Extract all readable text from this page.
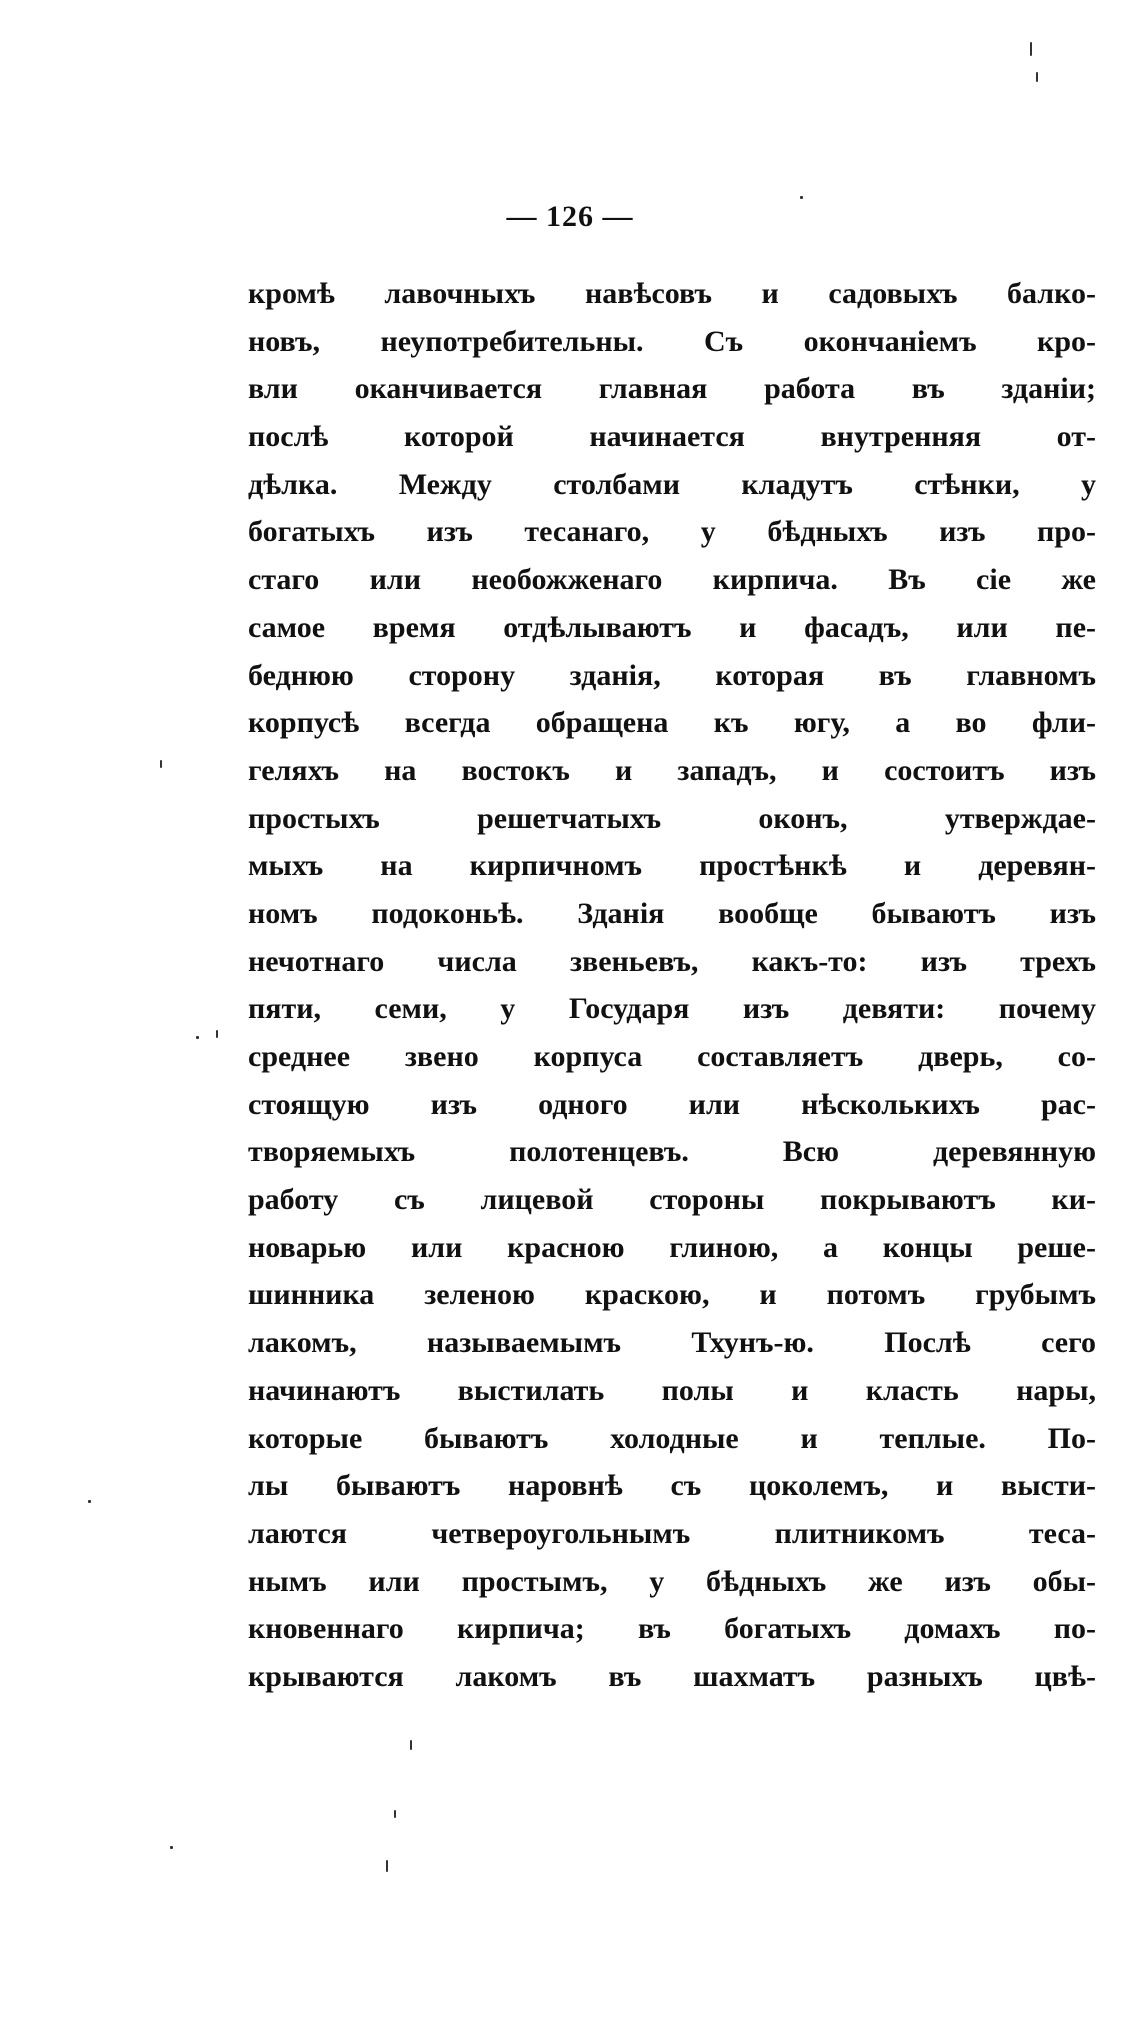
— 126 —
кромѣ лавочныхъ навѣсовъ и садовыхъ балко-
новъ, неупотребительны. Съ окончанiемъ кро-
вли оканчивается главная работа въ зданiи;
послѣ которой начинается внутренняя от-
дѣлка. Между столбами кладутъ стѣнки, у
богатыхъ изъ тесанаго, у бѣдныхъ изъ про-
стаго или необожженаго кирпича. Въ сiе же
самое время отдѣлываютъ и фасадъ, или пе-
беднюю сторону зданiя, которая въ главномъ
корпусѣ всегда обращена къ югу, а во фли-
геляхъ на востокъ и западъ, и состоитъ изъ
простыхъ решетчатыхъ оконъ, утверждае-
мыхъ на кирпичномъ простѣнкѣ и деревян-
номъ подоконьѣ. Зданiя вообще бываютъ изъ
нечотнаго числа звеньевъ, какъ-то: изъ трехъ
пяти, семи, у Государя изъ девяти: почему
среднее звено корпуса составляетъ дверь, со-
стоящую изъ одного или нѣсколькихъ рас-
творяемыхъ полотенцевъ. Всю деревянную
работу съ лицевой стороны покрываютъ ки-
новарью или красною глиною, а концы реше-
шинника зеленою краскою, и потомъ грубымъ
лакомъ, называемымъ Тхунъ-ю. Послѣ сего
начинаютъ выстилать полы и класть нары,
которые бываютъ холодные и теплые. По-
лы бываютъ наровнѣ съ цоколемъ, и высти-
лаются четвероугольнымъ плитникомъ теса-
нымъ или простымъ, у бѣдныхъ же изъ обы-
кновеннаго кирпича; въ богатыхъ домахъ по-
крываются лакомъ въ шахматъ разныхъ цвѣ-
